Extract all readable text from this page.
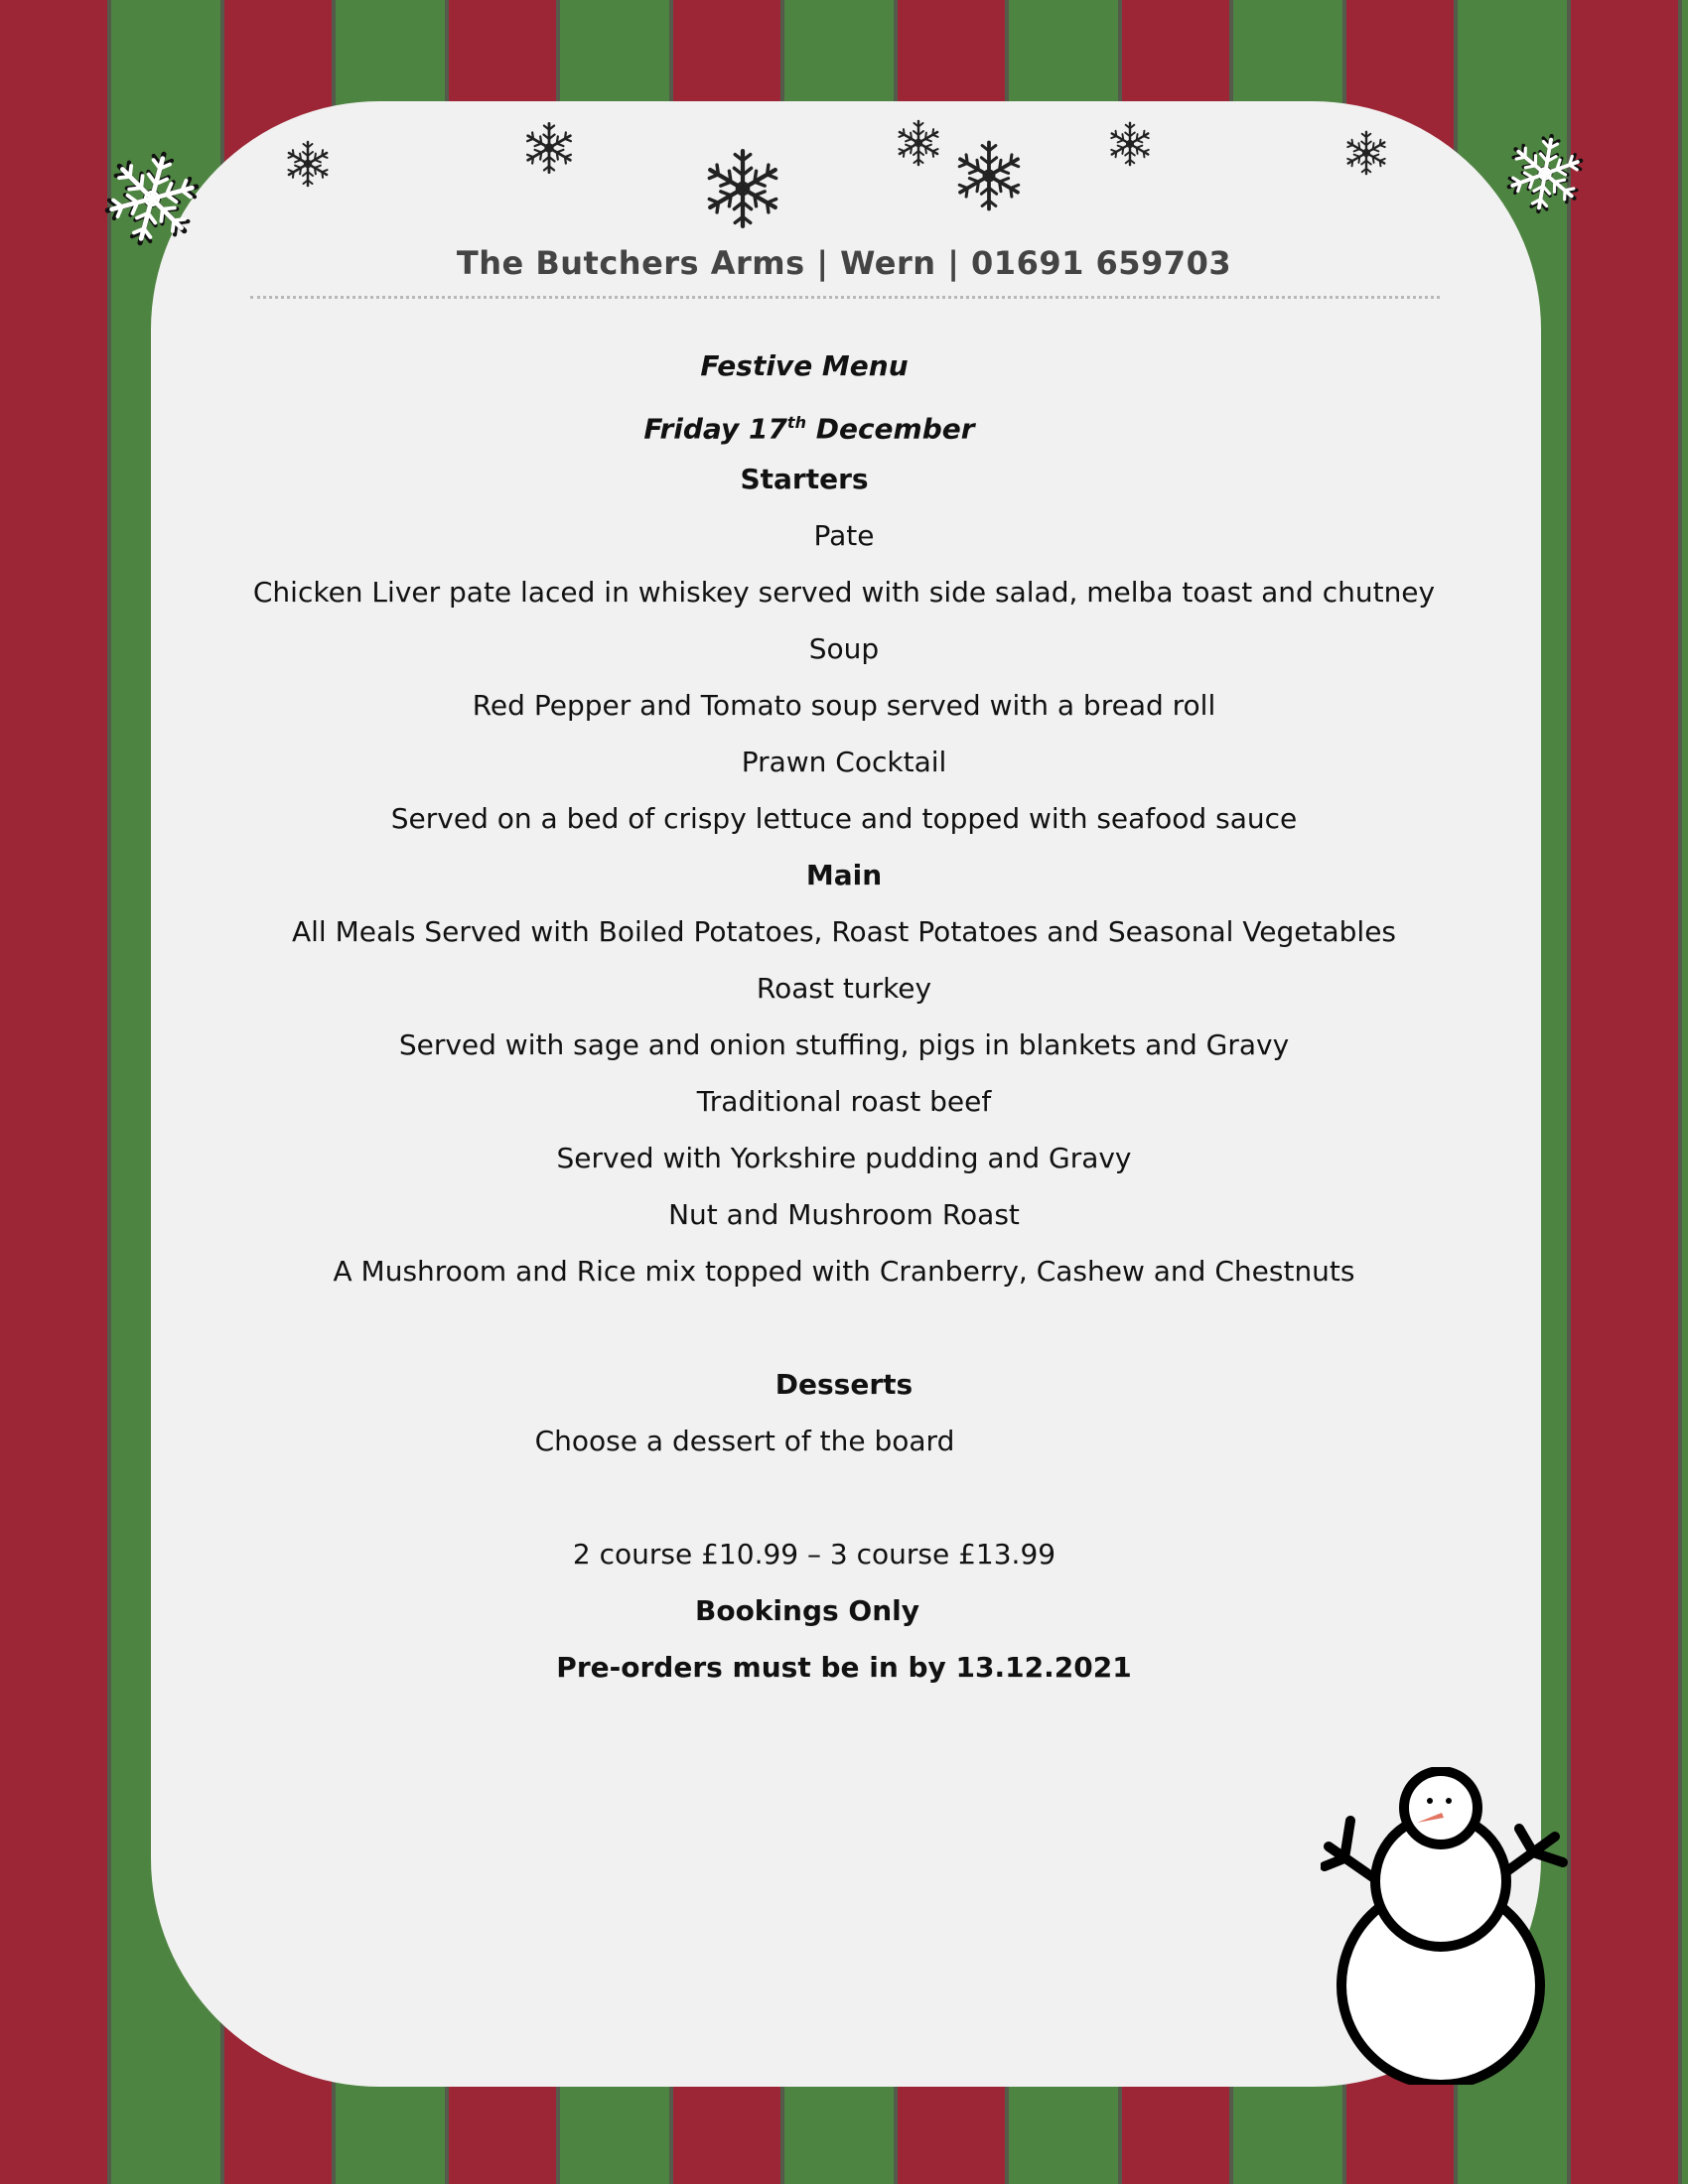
The Butchers Arms | Wern | 01691 659703
Festive Menu
Friday 17th December
Starters
Pate
Chicken Liver pate laced in whiskey served with side salad, melba toast and chutney
Soup
Red Pepper and Tomato soup served with a bread roll
Prawn Cocktail
Served on a bed of crispy lettuce and topped with seafood sauce
Main
All Meals Served with Boiled Potatoes, Roast Potatoes and Seasonal Vegetables
Roast turkey
Served with sage and onion stuffing, pigs in blankets and Gravy
Traditional roast beef
Served with Yorkshire pudding and Gravy
Nut and Mushroom Roast
A Mushroom and Rice mix topped with Cranberry, Cashew and Chestnuts
Desserts
Choose a dessert of the board
2 course £10.99 – 3 course £13.99
Bookings Only
Pre-orders must be in by 13.12.2021
